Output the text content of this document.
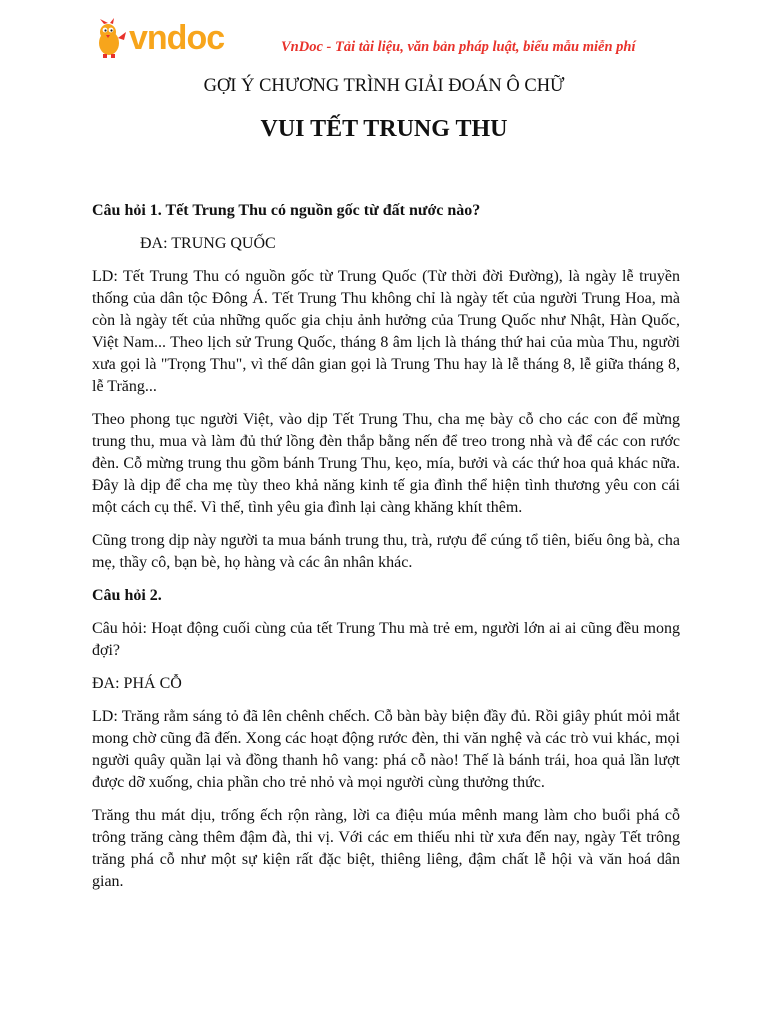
vndoc	VnDoc - Tải tài liệu, văn bản pháp luật, biểu mẫu miễn phí
GỢI Ý CHƯƠNG TRÌNH GIẢI ĐOÁN Ô CHỮ
VUI TẾT TRUNG THU

Câu hỏi 1. Tết Trung Thu có nguồn gốc từ đất nước nào?

ĐA: TRUNG QUỐC

LD: Tết Trung Thu có nguồn gốc từ Trung Quốc (Từ thời đời Đường), là ngày lễ truyền thống của dân tộc Đông Á. Tết Trung Thu không chỉ là ngày tết của người Trung Hoa, mà còn là ngày tết của những quốc gia chịu ảnh hưởng của Trung Quốc như Nhật, Hàn Quốc, Việt Nam... Theo lịch sử Trung Quốc, tháng 8 âm lịch là tháng thứ hai của mùa Thu, người xưa gọi là "Trọng Thu", vì thế dân gian gọi là Trung Thu hay là lễ tháng 8, lễ giữa tháng 8, lễ Trăng...

Theo phong tục người Việt, vào dịp Tết Trung Thu, cha mẹ bày cỗ cho các con để mừng trung thu, mua và làm đủ thứ lồng đèn thắp bằng nến để treo trong nhà và để các con rước đèn. Cỗ mừng trung thu gồm bánh Trung Thu, kẹo, mía, bưởi và các thứ hoa quả khác nữa. Đây là dịp để cha mẹ tùy theo khả năng kinh tế gia đình thể hiện tình thương yêu con cái một cách cụ thể. Vì thế, tình yêu gia đình lại càng khăng khít thêm.

Cũng trong dịp này người ta mua bánh trung thu, trà, rượu để cúng tổ tiên, biếu ông bà, cha mẹ, thầy cô, bạn bè, họ hàng và các ân nhân khác.

Câu hỏi 2.

Câu hỏi: Hoạt động cuối cùng của tết Trung Thu mà trẻ em, người lớn ai ai cũng đều mong đợi?

ĐA: PHÁ CỖ

LD: Trăng rằm sáng tỏ đã lên chênh chếch. Cỗ bàn bày biện đầy đủ. Rồi giây phút mỏi mắt mong chờ cũng đã đến. Xong các hoạt động rước đèn, thi văn nghệ và các trò vui khác, mọi người quây quần lại và đồng thanh hô vang: phá cỗ nào! Thế là bánh trái, hoa quả lần lượt được dỡ xuống, chia phần cho trẻ nhỏ và mọi người cùng thưởng thức.

Trăng thu mát dịu, trống ếch rộn ràng, lời ca điệu múa mênh mang làm cho buổi phá cỗ trông trăng càng thêm đậm đà, thi vị. Với các em thiếu nhi từ xưa đến nay, ngày Tết trông trăng phá cỗ như một sự kiện rất đặc biệt, thiêng liêng, đậm chất lễ hội và văn hoá dân gian.
